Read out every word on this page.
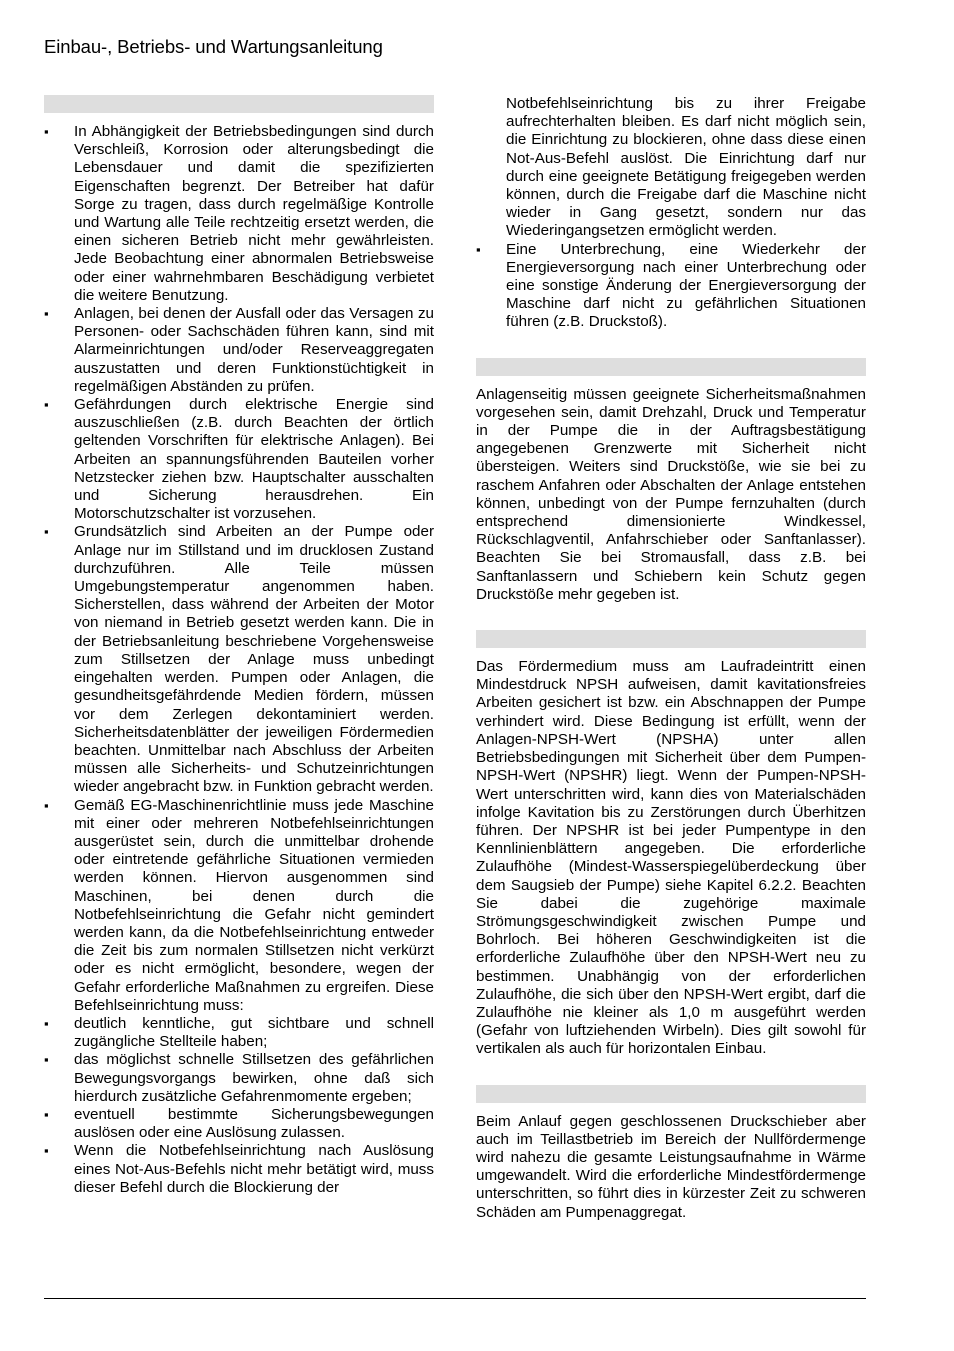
Einbau-, Betriebs- und Wartungsanleitung
▪ In Abhängigkeit der Betriebsbedingungen sind durch Verschleiß, Korrosion oder alterungsbedingt die Lebensdauer und damit die spezifizierten Eigenschaften begrenzt. Der Betreiber hat dafür Sorge zu tragen, dass durch regelmäßige Kontrolle und Wartung alle Teile rechtzeitig ersetzt werden, die einen sicheren Betrieb nicht mehr gewährleisten. Jede Beobachtung einer abnormalen Betriebsweise oder einer wahrnehmbaren Beschädigung verbietet die weitere Benutzung.
▪ Anlagen, bei denen der Ausfall oder das Versagen zu Personen- oder Sachschäden führen kann, sind mit Alarmeinrichtungen und/oder Reserveaggregaten auszustatten und deren Funktionstüchtigkeit in regelmäßigen Abständen zu prüfen.
▪ Gefährdungen durch elektrische Energie sind auszuschließen (z.B. durch Beachten der örtlich geltenden Vorschriften für elektrische Anlagen). Bei Arbeiten an spannungsführenden Bauteilen vorher Netzstecker ziehen bzw. Hauptschalter ausschalten und Sicherung herausdrehen. Ein Motorschutzschalter ist vorzusehen.
▪ Grundsätzlich sind Arbeiten an der Pumpe oder Anlage nur im Stillstand und im drucklosen Zustand durchzuführen. Alle Teile müssen Umgebungstemperatur angenommen haben. Sicherstellen, dass während der Arbeiten der Motor von niemand in Betrieb gesetzt werden kann. Die in der Betriebsanleitung beschriebene Vorgehensweise zum Stillsetzen der Anlage muss unbedingt eingehalten werden. Pumpen oder Anlagen, die gesundheitsgefährdende Medien fördern, müssen vor dem Zerlegen dekontaminiert werden. Sicherheitsdatenblätter der jeweiligen Fördermedien beachten. Unmittelbar nach Abschluss der Arbeiten müssen alle Sicherheits- und Schutzeinrichtungen wieder angebracht bzw. in Funktion gebracht werden.
▪ Gemäß EG-Maschinenrichtlinie muss jede Maschine mit einer oder mehreren Notbefehlseinrichtungen ausgerüstet sein, durch die unmittelbar drohende oder eintretende gefährliche Situationen vermieden werden können. Hiervon ausgenommen sind Maschinen, bei denen durch die Notbefehlseinrichtung die Gefahr nicht gemindert werden kann, da die Notbefehlseinrichtung entweder die Zeit bis zum normalen Stillsetzen nicht verkürzt oder es nicht ermöglicht, besondere, wegen der Gefahr erforderliche Maßnahmen zu ergreifen. Diese Befehlseinrichtung muss:
▪ deutlich kenntliche, gut sichtbare und schnell zugängliche Stellteile haben;
▪ das möglichst schnelle Stillsetzen des gefährlichen Bewegungsvorgangs bewirken, ohne daß sich hierdurch zusätzliche Gefahrenmomente ergeben;
▪ eventuell bestimmte Sicherungsbewegungen auslösen oder eine Auslösung zulassen.
▪ Wenn die Notbefehlseinrichtung nach Auslösung eines Not-Aus-Befehls nicht mehr betätigt wird, muss dieser Befehl durch die Blockierung der
Notbefehlseinrichtung bis zu ihrer Freigabe aufrechterhalten bleiben. Es darf nicht möglich sein, die Einrichtung zu blockieren, ohne dass diese einen Not-Aus-Befehl auslöst. Die Einrichtung darf nur durch eine geeignete Betätigung freigegeben werden können, durch die Freigabe darf die Maschine nicht wieder in Gang gesetzt, sondern nur das Wiederingangsetzen ermöglicht werden.
▪ Eine Unterbrechung, eine Wiederkehr der Energieversorgung nach einer Unterbrechung oder eine sonstige Änderung der Energieversorgung der Maschine darf nicht zu gefährlichen Situationen führen (z.B. Druckstoß).

Anlagenseitig müssen geeignete Sicherheitsmaßnahmen vorgesehen sein, damit Drehzahl, Druck und Temperatur in der Pumpe die in der Auftragsbestätigung angegebenen Grenzwerte mit Sicherheit nicht übersteigen. Weiters sind Druckstöße, wie sie bei zu raschem Anfahren oder Abschalten der Anlage entstehen können, unbedingt von der Pumpe fernzuhalten (durch entsprechend dimensionierte Windkessel, Rückschlagventil, Anfahrschieber oder Sanftanlasser). Beachten Sie bei Stromausfall, dass z.B. bei Sanftanlassern und Schiebern kein Schutz gegen Druckstöße mehr gegeben ist.

Das Fördermedium muss am Laufradeintritt einen Mindestdruck NPSH aufweisen, damit kavitationsfreies Arbeiten gesichert ist bzw. ein Abschnappen der Pumpe verhindert wird. Diese Bedingung ist erfüllt, wenn der Anlagen-NPSH-Wert (NPSHA) unter allen Betriebsbedingungen mit Sicherheit über dem Pumpen-NPSH-Wert (NPSHR) liegt. Wenn der Pumpen-NPSH-Wert unterschritten wird, kann dies von Materialschäden infolge Kavitation bis zu Zerstörungen durch Überhitzen führen. Der NPSHR ist bei jeder Pumpentype in den Kennlinienblättern angegeben. Die erforderliche Zulaufhöhe (Mindest-Wasserspiegelüberdeckung über dem Saugsieb der Pumpe) siehe Kapitel 6.2.2. Beachten Sie dabei die zugehörige maximale Strömungsgeschwindigkeit zwischen Pumpe und Bohrloch. Bei höheren Geschwindigkeiten ist die erforderliche Zulaufhöhe über den NPSH-Wert neu zu bestimmen. Unabhängig von der erforderlichen Zulaufhöhe, die sich über den NPSH-Wert ergibt, darf die Zulaufhöhe nie kleiner als 1,0 m ausgeführt werden (Gefahr von luftziehenden Wirbeln). Dies gilt sowohl für vertikalen als auch für horizontalen Einbau.

Beim Anlauf gegen geschlossenen Druckschieber aber auch im Teillastbetrieb im Bereich der Nullfördermenge wird nahezu die gesamte Leistungsaufnahme in Wärme umgewandelt. Wird die erforderliche Mindestfördermenge unterschritten, so führt dies in kürzester Zeit zu schweren Schäden am Pumpenaggregat.
